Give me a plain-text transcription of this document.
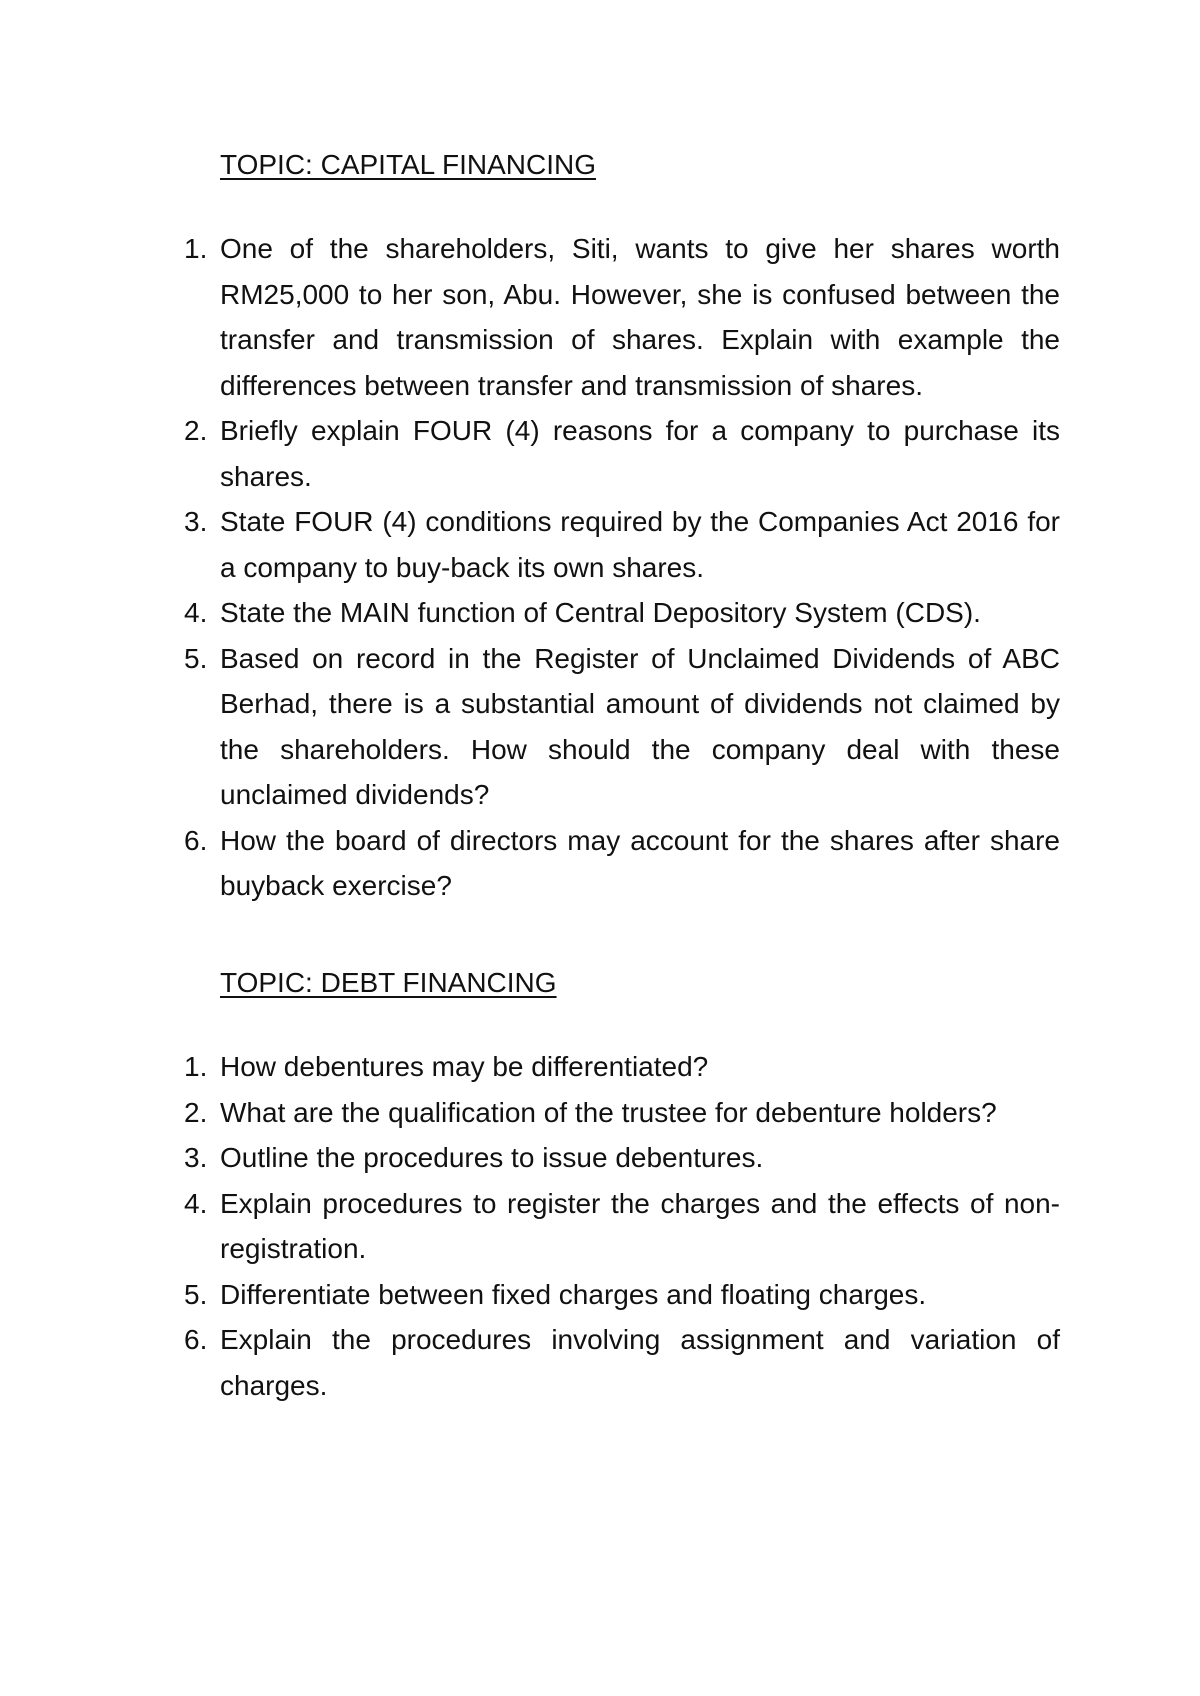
TOPIC: CAPITAL FINANCING
1. One of the shareholders, Siti, wants to give her shares worth RM25,000 to her son, Abu. However, she is confused between the transfer and transmission of shares. Explain with example the differences between transfer and transmission of shares.
2. Briefly explain FOUR (4) reasons for a company to purchase its shares.
3. State FOUR (4) conditions required by the Companies Act 2016 for a company to buy-back its own shares.
4. State the MAIN function of Central Depository System (CDS).
5. Based on record in the Register of Unclaimed Dividends of ABC Berhad, there is a substantial amount of dividends not claimed by the shareholders. How should the company deal with these unclaimed dividends?
6. How the board of directors may account for the shares after share buyback exercise?
TOPIC: DEBT FINANCING
1. How debentures may be differentiated?
2. What are the qualification of the trustee for debenture holders?
3. Outline the procedures to issue debentures.
4. Explain procedures to register the charges and the effects of non-registration.
5. Differentiate between fixed charges and floating charges.
6. Explain the procedures involving assignment and variation of charges.
